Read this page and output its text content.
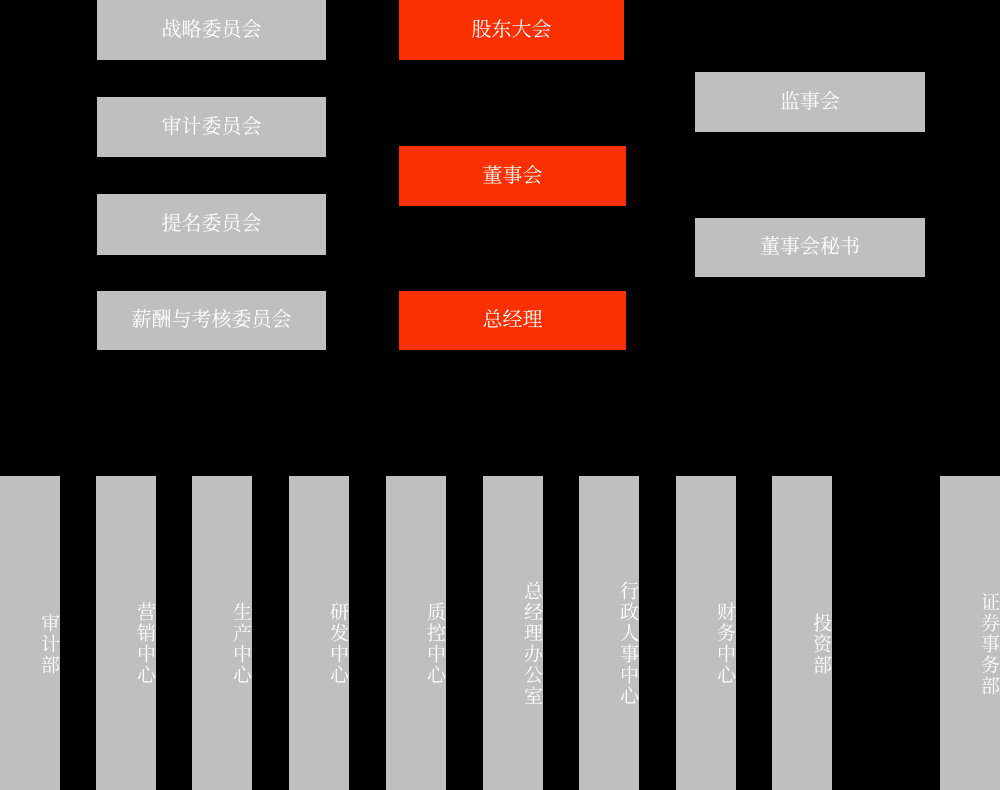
战略委员会	股东大会
审计委员会
监事会
董事会
提名委员会
董事会秘书
薪酬与考核委员会	总经理
审计部	营销中心	生产中心	研发中心	质控中心	总经理办公室	行政人事中心	财务中心	投资部	证券事务部
